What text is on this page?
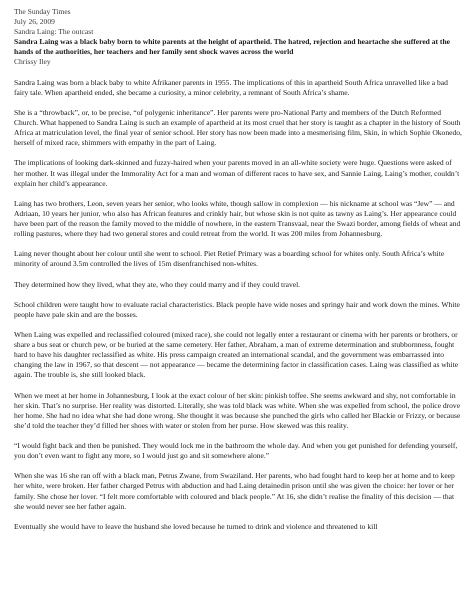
The Sunday Times
July 26, 2009
Sandra Laing: The outcast
Sandra Laing was a black baby born to white parents at the height of apartheid. The hatred, rejection and heartache she suffered at the hands of the authorities, her teachers and her family sent shock waves across the world
Chrissy Iley

Sandra Laing was born a black baby to white Afrikaner parents in 1955. The implications of this in apartheid South Africa unravelled like a bad fairy tale. When apartheid ended, she became a curiosity, a minor celebrity, a remnant of South Africa’s shame.

She is a “throwback”, or, to be precise, “of polygenic inheritance”. Her parents were pro-National Party and members of the Dutch Reformed Church. What happened to Sandra Laing is such an example of apartheid at its most cruel that her story is taught as a chapter in the history of South Africa at matriculation level, the final year of senior school. Her story has now been made into a mesmerising film, Skin, in which Sophie Okonedo, herself of mixed race, shimmers with empathy in the part of Laing.

The implications of looking dark-skinned and fuzzy-haired when your parents moved in an all-white society were huge. Questions were asked of her mother. It was illegal under the Immorality Act for a man and woman of different races to have sex, and Sannie Laing, Laing’s mother, couldn’t explain her child’s appearance.

Laing has two brothers, Leon, seven years her senior, who looks white, though sallow in complexion — his nickname at school was “Jew” — and Adriaan, 10 years her junior, who also has African features and crinkly hair, but whose skin is not quite as tawny as Laing’s. Her appearance could have been part of the reason the family moved to the middle of nowhere, in the eastern Transvaal, near the Swazi border, among fields of wheat and rolling pastures, where they had two general stores and could retreat from the world. It was 200 miles from Johannesburg.

Laing never thought about her colour until she went to school. Piet Retief Primary was a boarding school for whites only. South Africa’s white minority of around 3.5m controlled the lives of 15m disenfranchised non-whites.

They determined how they lived, what they ate, who they could marry and if they could travel.

School children were taught how to evaluate racial characteristics. Black people have wide noses and springy hair and work down the mines. White people have pale skin and are the bosses.

When Laing was expelled and reclassified coloured (mixed race), she could not legally enter a restaurant or cinema with her parents or brothers, or share a bus seat or church pew, or be buried at the same cemetery. Her father, Abraham, a man of extreme determination and stubbornness, fought hard to have his daughter reclassified as white. His press campaign created an international scandal, and the government was embarrassed into changing the law in 1967, so that descent — not appearance — became the determining factor in classification cases. Laing was classified as white again. The trouble is, she still looked black.

When we meet at her home in Johannesburg, I look at the exact colour of her skin: pinkish toffee. She seems awkward and shy, not comfortable in her skin. That’s no surprise. Her reality was distorted. Literally, she was told black was white. When she was expelled from school, the police drove her home. She had no idea what she had done wrong. She thought it was because she punched the girls who called her Blackie or Frizzy, or because she’d told the teacher they’d filled her shoes with water or stolen from her purse. How skewed was this reality.

“I would fight back and then be punished. They would lock me in the bathroom the whole day. And when you get punished for defending yourself, you don’t even want to fight any more, so I would just go and sit somewhere alone.”

When she was 16 she ran off with a black man, Petrus Zwane, from Swaziland. Her parents, who had fought hard to keep her at home and to keep her white, were broken. Her father charged Petrus with abduction and had Laing detainedin prison until she was given the choice: her lover or her family. She chose her lover. “I felt more comfortable with coloured and black people.” At 16, she didn’t realise the finality of this decision — that she would never see her father again.

Eventually she would have to leave the husband she loved because he turned to drink and violence and threatened to kill
